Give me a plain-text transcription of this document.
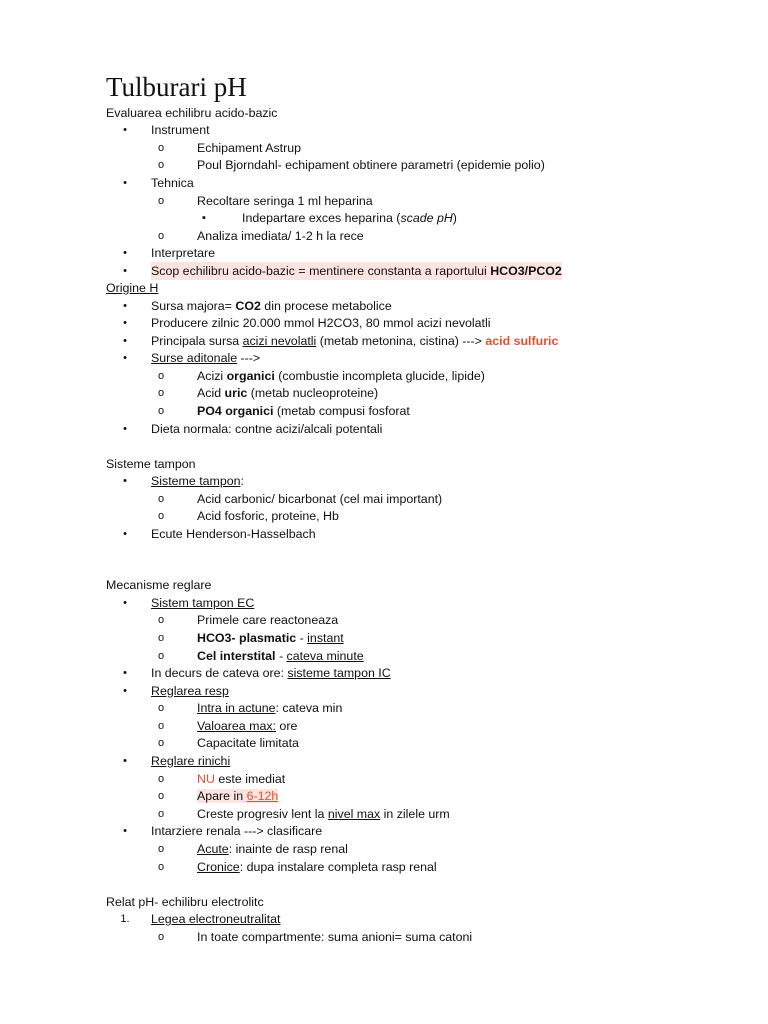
Tulburari pH
Evaluarea echilibru acido-bazic
•	Instrument
o	Echipament Astrup
o	Poul Bjorndahl- echipament obtinere parametri (epidemie polio)
•	Tehnica
o	Recoltare seringa 1 ml heparina
▪	Indepartare exces heparina (scade pH)
o	Analiza imediata/ 1-2 h la rece
•	Interpretare
•	Scop echilibru acido-bazic = mentinere constanta a raportului HCO3/PCO2
Origine H
•	Sursa majora= CO2 din procese metabolice
•	Producere zilnic 20.000 mmol H2CO3, 80 mmol acizi nevolatli
•	Principala sursa acizi nevolatli (metab metonina, cistina) ---> acid sulfuric
•	Surse aditonale --->
o	Acizi organici (combustie incompleta glucide, lipide)
o	Acid uric (metab nucleoproteine)
o	PO4 organici (metab compusi fosforat
•	Dieta normala: contne acizi/alcali potentali
Sisteme tampon
•	Sisteme tampon:
o	Acid carbonic/ bicarbonat (cel mai important)
o	Acid fosforic, proteine, Hb
•	Ecute Henderson-Hasselbach
Mecanisme reglare
•	Sistem tampon EC
o	Primele care reactoneaza
o	HCO3- plasmatic - instant
o	Cel interstital - cateva minute
•	In decurs de cateva ore: sisteme tampon IC
•	Reglarea resp
o	Intra in actune: cateva min
o	Valoarea max: ore
o	Capacitate limitata
•	Reglare rinichi
o	NU este imediat
o	Apare in 6-12h
o	Creste progresiv lent la nivel max in zilele urm
•	Intarziere renala ---> clasificare
o	Acute: inainte de rasp renal
o	Cronice: dupa instalare completa rasp renal
Relat pH- echilibru electrolitc
1.	Legea electroneutralitat
o	In toate compartmente: suma anioni= suma catoni
